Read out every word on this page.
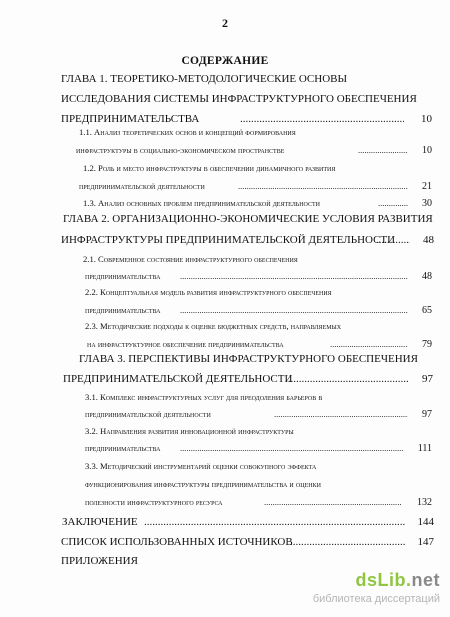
2
СОДЕРЖАНИЕ
ГЛАВА 1. ТЕОРЕТИКО-МЕТОДОЛОГИЧЕСКИЕ ОСНОВЫ
ИССЛЕДОВАНИЯ СИСТЕМЫ ИНФРАСТРУКТУРНОГО ОБЕСПЕЧЕНИЯ
ПРЕДПРИНИМАТЕЛЬСТВА .....	10
1.1. Анализ теоретических основ и концепций формирования
инфраструктуры в социально-экономическом пространстве .....	10
1.2. Роль и место инфраструктуры в обеспечении динамичного развития
предпринимательской деятельности .....	21
1.3. Анализ основных проблем предпринимательской деятельности .....	30
ГЛАВА 2. ОРГАНИЗАЦИОННО-ЭКОНОМИЧЕСКИЕ УСЛОВИЯ РАЗВИТИЯ
ИНФРАСТРУКТУРЫ ПРЕДПРИНИМАТЕЛЬСКОЙ ДЕЯТЕЛЬНОСТИ .....	48
2.1. Современное состояние инфраструктурного обеспечения
предпринимательства .....	48
2.2. Концептуальная модель развития инфраструктурного обеспечения
предпринимательства .....	65
2.3. Методические подходы к оценке бюджетных средств, направляемых
на инфраструктурное обеспечение предпринимательства .....	79
ГЛАВА 3. ПЕРСПЕКТИВЫ ИНФРАСТРУКТУРНОГО ОБЕСПЕЧЕНИЯ
ПРЕДПРИНИМАТЕЛЬСКОЙ ДЕЯТЕЛЬНОСТИ .....	97
3.1. Комплекс инфраструктурных услуг для преодоления барьеров в
предпринимательской деятельности .....	97
3.2. Направления развития инновационной инфраструктуры
предпринимательства .....	111
3.3. Методический инструментарий оценки совокупного эффекта
функционирования инфраструктуры предпринимательства и оценки
полезности инфраструктурного ресурса .....	132
ЗАКЛЮЧЕНИЕ .....	144
СПИСОК ИСПОЛЬЗОВАННЫХ ИСТОЧНИКОВ .....	147
ПРИЛОЖЕНИЯ
dsLib.net
библиотека диссертаций
